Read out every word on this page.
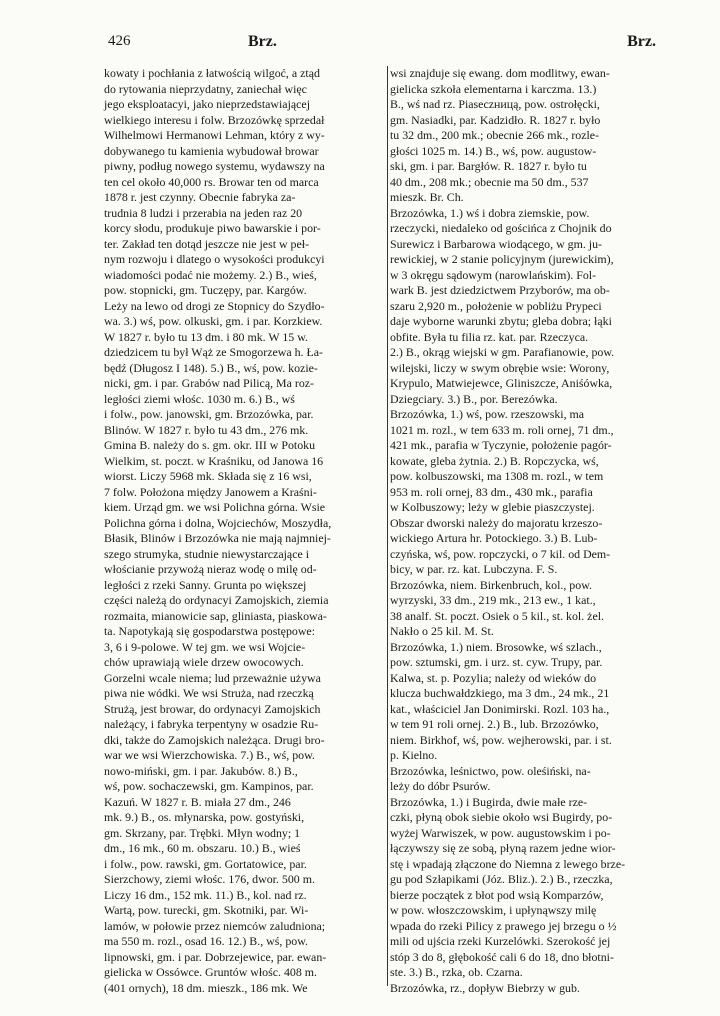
426	Brz.	Brz.
kowaty i pochłania z łatwością wilgoć, a ztąd
do rytowania nieprzydatny, zaniechał więc
jego eksploatacyi, jako nieprzedstawiającej
wielkiego interesu i folw. Brzozówkę sprzedał
Wilhelmowi Hermanowi Lehman, który z wy-
dobywanego tu kamienia wybudował browar
piwny, podług nowego systemu, wydawszy na
ten cel około 40,000 rs. Browar ten od marca
1878 r. jest czynny. Obecnie fabryka za-
trudnia 8 ludzi i przerabia na jeden raz 20
korcy słodu, produkuje piwo bawarskie i por-
ter. Zakład ten dotąd jeszcze nie jest w peł-
nym rozwoju i dlatego o wysokości produkcyi
wiadomości podać nie możemy. 2.) B., wieś,
pow. stopnicki, gm. Tuczępy, par. Kargów.
Leży na lewo od drogi ze Stopnicy do Szydło-
wa. 3.) wś, pow. olkuski, gm. i par. Korzkiew.
W 1827 r. było tu 13 dm. i 80 mk. W 15 w.
dziedzicem tu był Wąż ze Smogorzewa h. Ła-
będź (Długosz I 148). 5.) B., wś, pow. kozie-
nicki, gm. i par. Grabów nad Pilicą, Ma roz-
ległości ziemi włośc. 1030 m. 6.) B., wś
i folw., pow. janowski, gm. Brzozówka, par.
Blinów. W 1827 r. było tu 43 dm., 276 mk.
Gmina B. należy do s. gm. okr. III w Potoku
Wielkim, st. poczt. w Kraśniku, od Janowa 16
wiorst. Liczy 5968 mk. Składa się z 16 wsi,
7 folw. Położona między Janowem a Kraśni-
kiem. Urząd gm. we wsi Polichna górna. Wsie
Polichna górna i dolna, Wojciechów, Moszydła,
Błasik, Blinów i Brzozówka nie mają najmniej-
szego strumyka, studnie niewystarczające i
włościanie przywożą nieraz wodę o milę od-
ległości z rzeki Sanny. Grunta po większej
części należą do ordynacyi Zamojskich, ziemia
rozmaita, mianowicie sap, gliniasta, piaskowa-
ta. Napotykają się gospodarstwa postępowe:
3, 6 i 9-polowe. W tej gm. we wsi Wojcie-
chów uprawiają wiele drzew owocowych.
Gorzelni wcale niema; lud przeważnie używa
piwa nie wódki. We wsi Strużа, nad rzeczką
Strużą, jest browar, do ordynacyi Zamojskich
należący, i fabryka terpentyny w osadzie Ru-
dki, także do Zamojskich należąca. Drugi bro-
war we wsi Wierzchowiska. 7.) B., wś, pow.
nowo-miński, gm. i par. Jakubów. 8.) B.,
wś, pow. sochaczewski, gm. Kampinos, par.
Kazuń. W 1827 r. B. miała 27 dm., 246
mk. 9.) B., os. młynarska, pow. gostyński,
gm. Skrzany, par. Trębki. Młyn wodny; 1
dm., 16 mk., 60 m. obszaru. 10.) B., wieś
i folw., pow. rawski, gm. Gortatowice, par.
Sierzchowy, ziemi włośc. 176, dwor. 500 m.
Liczy 16 dm., 152 mk. 11.) B., kol. nad rz.
Wartą, pow. turecki, gm. Skotniki, par. Wi-
lamów, w połowie przez niemców zaludniona;
ma 550 m. rozl., osad 16. 12.) B., wś, pow.
lipnowski, gm. i par. Dobrzejewice, par. ewan-
gielicka w Ossówce. Gruntów włośc. 408 m.
(401 ornych), 18 dm. mieszk., 186 mk. We
wsi znajduje się ewang. dom modlitwy, ewan-
gielicka szkoła elementarna i karczma. 13.)
B., wś nad rz. Piaseczницą, pow. ostrołęcki,
gm. Nasiadki, par. Kadzidło. R. 1827 r. było
tu 32 dm., 200 mk.; obecnie 266 mk., rozle-
głości 1025 m. 14.) B., wś, pow. augustow-
ski, gm. i par. Bargłów. R. 1827 r. było tu
40 dm., 208 mk.; obecnie ma 50 dm., 537
mieszk. Br. Ch.
Brzozówka, 1.) wś i dobra ziemskie, pow.
rzeczycki, niedaleko od gościńca z Chojnik do
Surewicz i Barbarowa wiodącego, w gm. ju-
rewickiej, w 2 stanie policyjnym (jurewickim),
w 3 okręgu sądowym (narowlańskim). Fol-
wark B. jest dziedzictwem Przyborów, ma ob-
szaru 2,920 m., położenie w pobliżu Prypeci
daje wyborne warunki zbytu; gleba dobra; łąki
obfite. Była tu filia rz. kat. par. Rzeczyca.
2.) B., okrąg wiejski w gm. Parafianowie, pow.
wilejski, liczy w swym obrębie wsie: Worony,
Krypulo, Matwiejewce, Gliniszcze, Aniśówka,
Dziegciary. 3.) B., por. Berezówka.
Brzozówka, 1.) wś, pow. rzeszowski, ma
1021 m. rozl., w tem 633 m. roli ornej, 71 dm.,
421 mk., parafia w Tyczynie, położenie pagór-
kowate, gleba żytnia. 2.) B. Ropczycka, wś,
pow. kolbuszowski, ma 1308 m. rozl., w tem
953 m. roli ornej, 83 dm., 430 mk., parafia
w Kolbuszowy; leży w glebie piaszczystej.
Obszar dworski należy do majoratu krzeszo-
wickiego Artura hr. Potockiego. 3.) B. Lub-
czyńska, wś, pow. ropczycki, o 7 kil. od Dem-
bicy, w par. rz. kat. Lubczyna. F. S.
Brzozówka, niem. Birkenbruch, kol., pow.
wyrzyski, 33 dm., 219 mk., 213 ew., 1 kat.,
38 analf. St. poczt. Osiek o 5 kil., st. kol. żel.
Nakło o 25 kil. M. St.
Brzozówka, 1.) niem. Brosowke, wś szlach.,
pow. sztumski, gm. i urz. st. cyw. Trupy, par.
Kalwa, st. p. Pozylia; należy od wieków do
klucza buchwałdzkiego, ma 3 dm., 24 mk., 21
kat., właściciel Jan Donimirski. Rozl. 103 ha.,
w tem 91 roli ornej. 2.) B., lub. Brzozówko,
niem. Birkhof, wś, pow. wejherowski, par. i st.
p. Kielno.
Brzozówka, leśnictwo, pow. oleśiński, na-
leży do dóbr Psurów.
Brzozówka, 1.) i Bugirda, dwie małe rze-
czki, płyną obok siebie około wsi Bugirdy, po-
wyżej Warwiszek, w pow. augustowskim i po-
łączywszy się ze sobą, płyną razem jedne wior-
stę i wpadają złączone do Niemna z lewego brze-
gu pod Szłapikami (Józ. Bliz.). 2.) B., rzeczka,
bierze początek z błot pod wsią Komparzów,
w pow. włoszczowskim, i upłynąwszy milę
wpada do rzeki Pilicy z prawego jej brzegu o ½
mili od ujścia rzeki Kurzelówki. Szerokość jej
stóp 3 do 8, głębokość cali 6 do 18, dno błotni-
ste. 3.) B., rzka, ob. Czarna.
Brzozówka, rz., dopływ Biebrzy w gub.
